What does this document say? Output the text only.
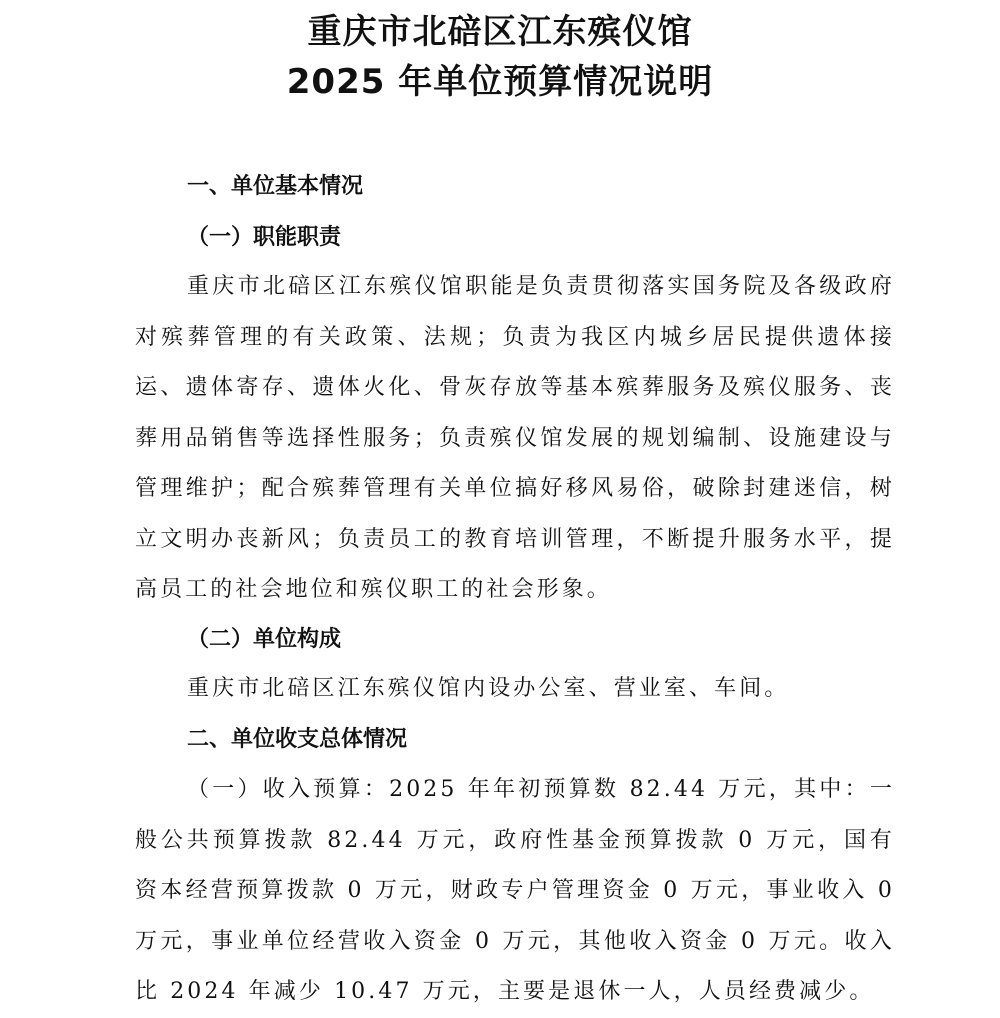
重庆市北碚区江东殡仪馆
2025 年单位预算情况说明
一、单位基本情况
（一）职能职责

重庆市北碚区江东殡仪馆职能是负责贯彻落实国务院及各级政府对殡葬管理的有关政策、法规；负责为我区内城乡居民提供遗体接运、遗体寄存、遗体火化、骨灰存放等基本殡葬服务及殡仪服务、丧葬用品销售等选择性服务；负责殡仪馆发展的规划编制、设施建设与管理维护；配合殡葬管理有关单位搞好移风易俗，破除封建迷信，树立文明办丧新风；负责员工的教育培训管理，不断提升服务水平，提高员工的社会地位和殡仪职工的社会形象。

（二）单位构成

重庆市北碚区江东殡仪馆内设办公室、营业室、车间。

二、单位收支总体情况

（一）收入预算：2025 年年初预算数 82.44 万元，其中：一般公共预算拨款 82.44 万元，政府性基金预算拨款 0 万元，国有资本经营预算拨款 0 万元，财政专户管理资金 0 万元，事业收入 0 万元，事业单位经营收入资金 0 万元，其他收入资金 0 万元。收入比 2024 年减少 10.47 万元，主要是退休一人，人员经费减少。
